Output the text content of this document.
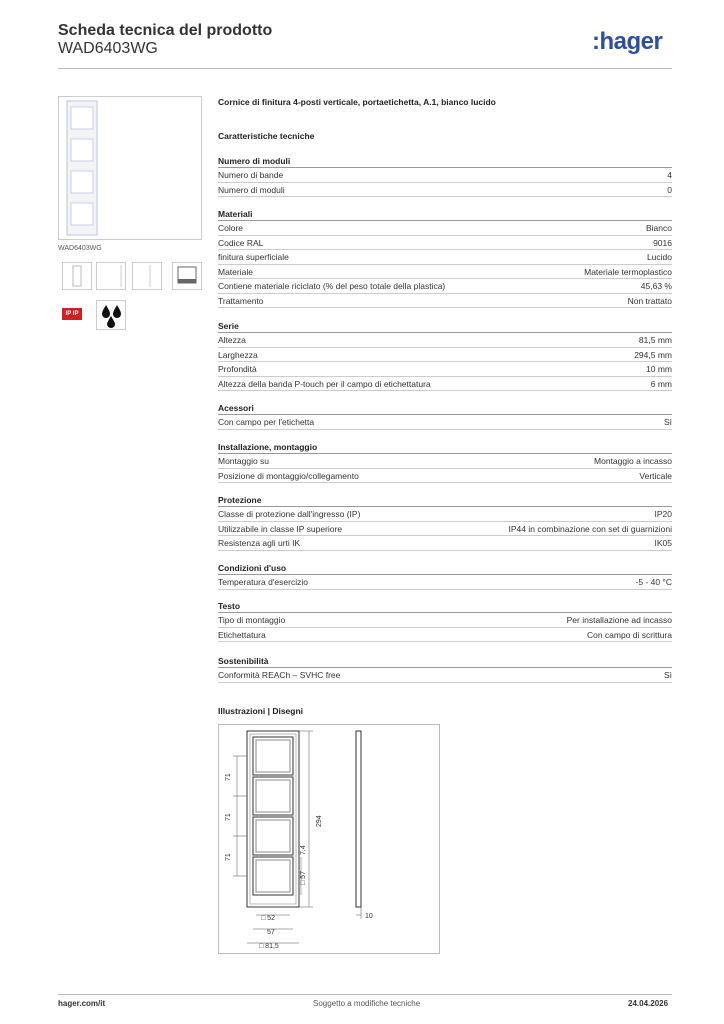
Scheda tecnica del prodotto
WAD6403WG	:hager
WAD6403WG
IP IP
Cornice di finitura 4-posti verticale, portaetichetta, A.1, bianco lucido
Caratteristiche tecniche
Numero di moduli
Numero di bande	4
Numero di moduli	0
Materiali
Colore	Bianco
Codice RAL	9016
finitura superficiale	Lucido
Materiale	Materiale termoplastico
Contiene materiale riciclato (% del peso totale della plastica)	45,63 %
Trattamento	Non trattato
Serie
Altezza	81,5 mm
Larghezza	294,5 mm
Profondità	10 mm
Altezza della banda P-touch per il campo di etichettatura	6 mm
Acessori
Con campo per l'etichetta	Sì
Installazione, montaggio
Montaggio su	Montaggio a incasso
Posizione di montaggio/collegamento	Verticale
Protezione
Classe di protezione dall'ingresso (IP)	IP20
Utilizzabile in classe IP superiore	IP44 in combinazione con set di guarnizioni
Resistenza agli urti IK	IK05
Condizioni d'uso
Temperatura d'esercizio	-5 - 40 °C
Testo
Tipo di montaggio	Per installazione ad incasso
Etichettatura	Con campo di scrittura
Sostenibilità
Conformità REACh – SVHC free	Sì
Illustrazioni | Disegni
71
71
71
294
7,4
□ 57
□ 52
57
□ 81,5
10
hager.com/it	Soggetto a modifiche tecniche	24.04.2026
